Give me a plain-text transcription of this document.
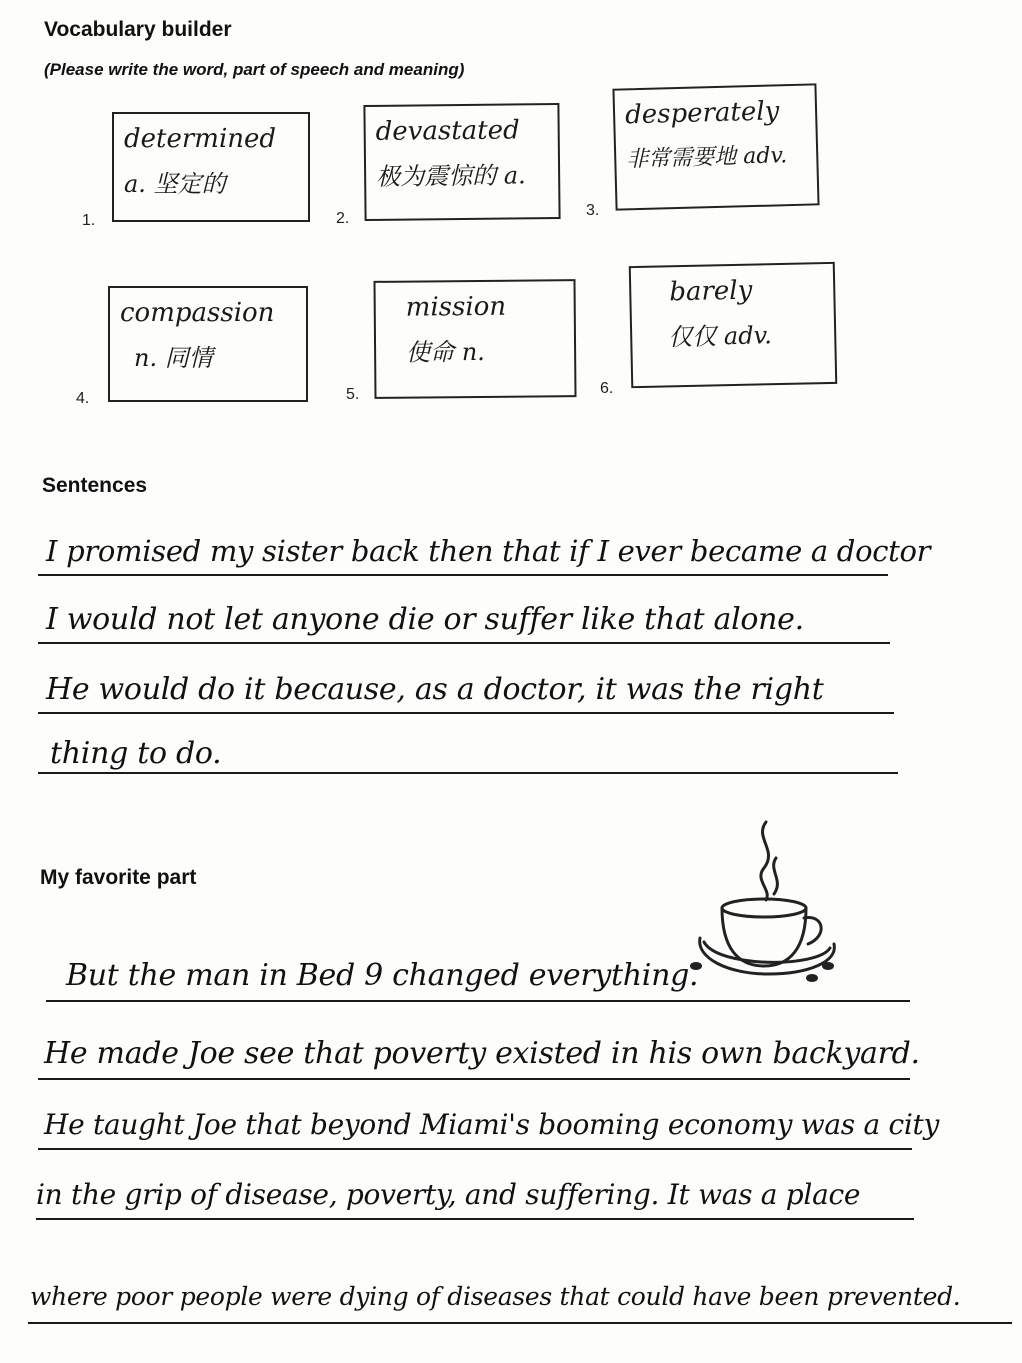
Vocabulary builder
(Please write the word, part of speech and meaning)
1.
determined
a. 坚定的
2.
devastated
极为震惊的 a.
3.
desperately
非常需要地 adv.
4.
compassion
n. 同情
5.
mission
使命 n.
6.
barely
仅仅 adv.
Sentences
I promised my sister back then that if I ever became a doctor
I would not let anyone die or suffer like that alone.
He would do it because, as a doctor, it was the right
thing to do.
My favorite part
But the man in Bed 9 changed everything.
He made Joe see that poverty existed in his own backyard.
He taught Joe that beyond Miami's booming economy was a city
in the grip of disease, poverty, and suffering. It was a place
where poor people were dying of diseases that could have been prevented.
